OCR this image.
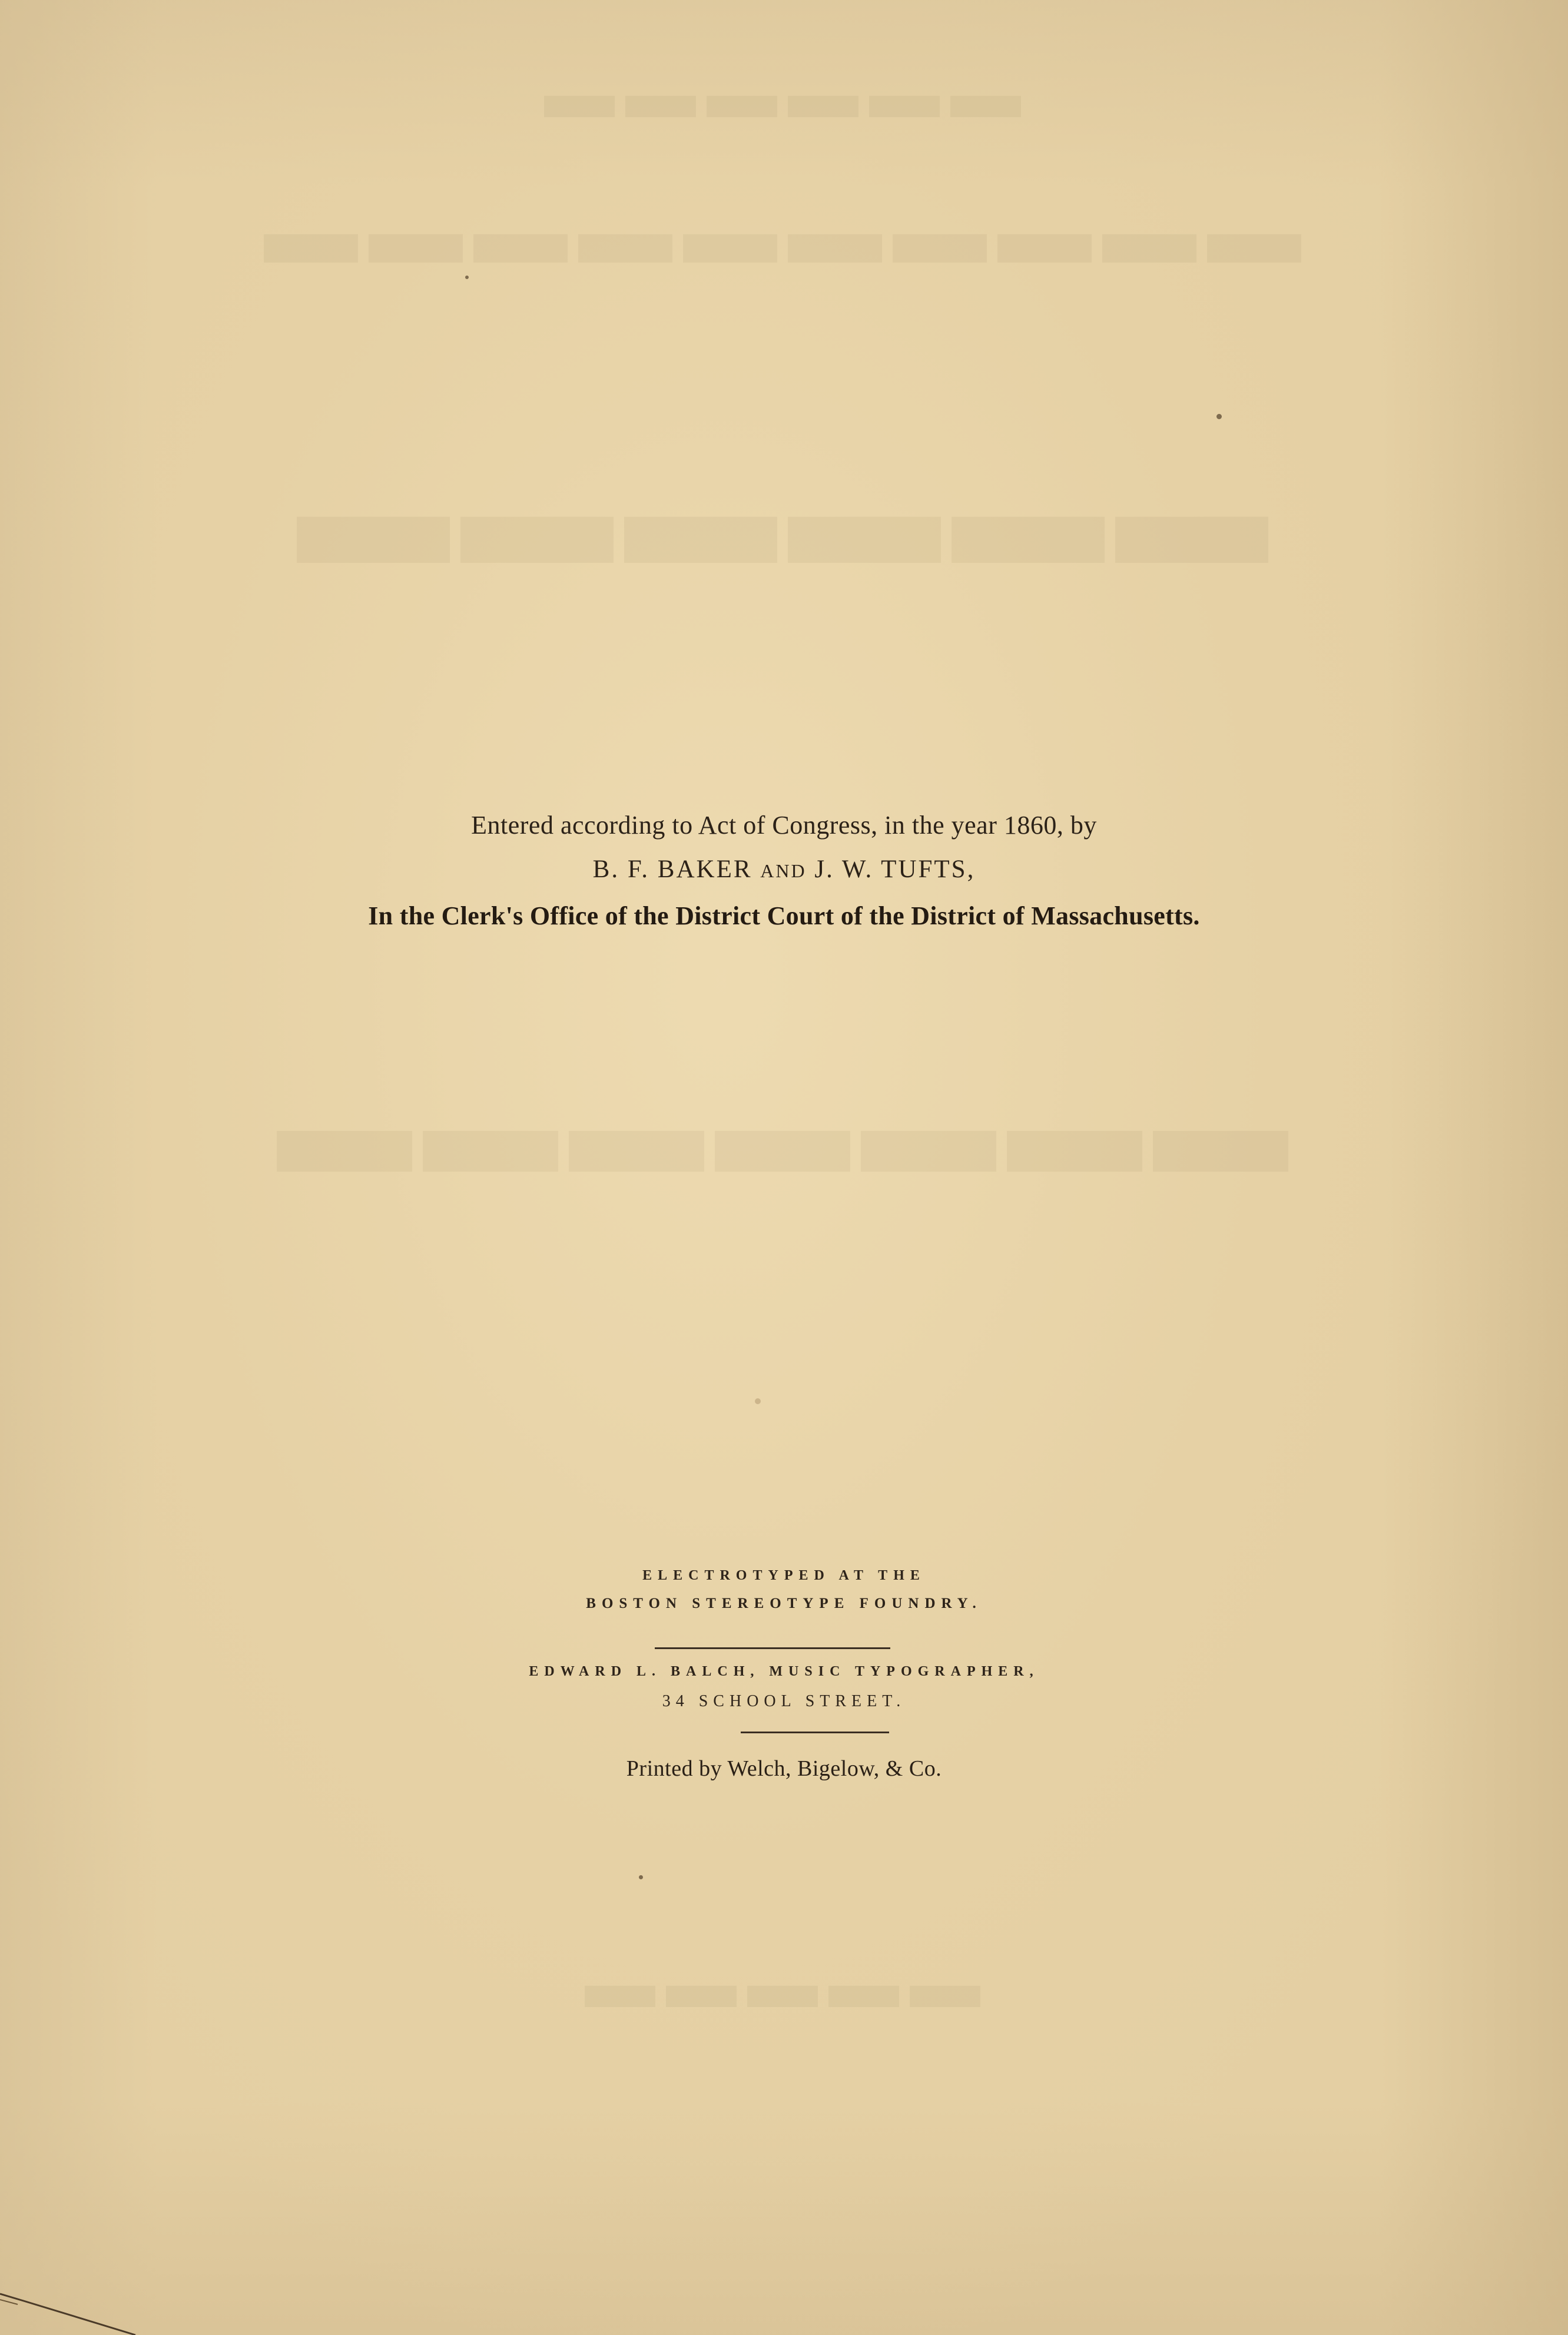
Entered according to Act of Congress, in the year 1860, by
B. F. BAKER AND J. W. TUFTS,
In the Clerk's Office of the District Court of the District of Massachusetts.
ELECTROTYPED AT THE
BOSTON STEREOTYPE FOUNDRY.
EDWARD L. BALCH, MUSIC TYPOGRAPHER,
34 SCHOOL STREET.
Printed by Welch, Bigelow, & Co.
